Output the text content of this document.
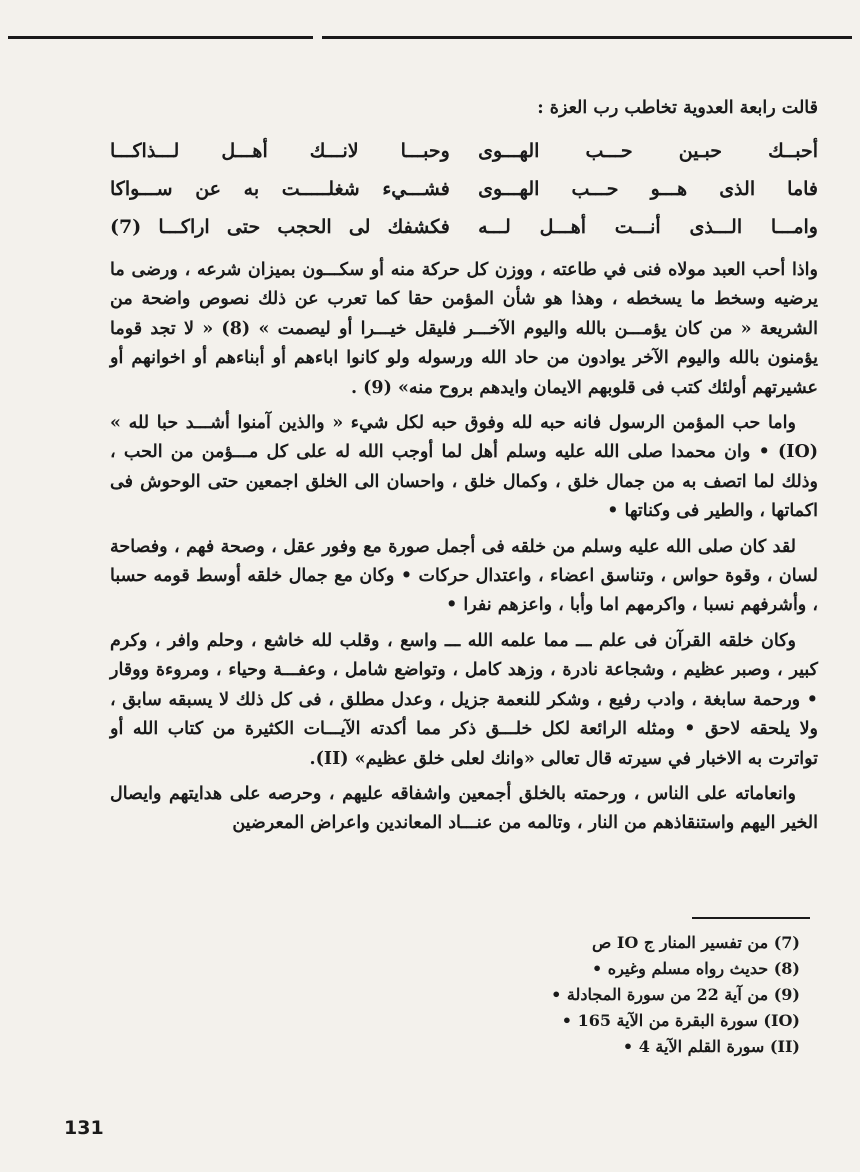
قالت رابعة العدوية تخاطب رب العزة :
أحبــك حبـين حـــب الهـــوى
وحبـــا لانـــك أهـــل لـــذاكـــا
فاما الذى هـــو حـــب الهـــوى
فشـــيء شغلـــــت به عن ســـواكا
وامـــا الـــذى أنـــت أهـــل لـــه
فكشفك لى الحجب حتى اراكـــا (7)

واذا أحب العبد مولاه فنى في طاعته ، ووزن كل حركة منه أو سكـــون بميزان شرعه ، ورضى ما يرضيه وسخط ما يسخطه ، وهذا هو شأن المؤمن حقا كما تعرب عن ذلك نصوص واضحة من الشريعة « من كان يؤمـــن بالله واليوم الآخـــر فليقل خيـــرا أو ليصمت » (8) « لا تجد قوما يؤمنون بالله واليوم الآخر يوادون من حاد الله ورسوله ولو كانوا اباءهم أو أبناءهم أو اخوانهم أو عشيرتهم أولئك كتب فى قلوبهم الايمان وايدهم بروح منه» (9) .

واما حب المؤمن الرسول فانه حبه لله وفوق حبه لكل شيء « والذين آمنوا أشـــد حبا لله » (IO) • وان محمدا صلى الله عليه وسلم أهل لما أوجب الله له على كل مـــؤمن من الحب ، وذلك لما اتصف به من جمال خلق ، وكمال خلق ، واحسان الى الخلق اجمعين حتى الوحوش فى اكماتها ، والطير فى وكناتها •

لقد كان صلى الله عليه وسلم من خلقه فى أجمل صورة مع وفور عقل ، وصحة فهم ، وفصاحة لسان ، وقوة حواس ، وتناسق اعضاء ، واعتدال حركات • وكان مع جمال خلقه أوسط قومه حسبا ، وأشرفهم نسبا ، واكرمهم اما وأبا ، واعزهم نفرا •

وكان خلقه القرآن فى علم ـــ مما علمه الله ـــ واسع ، وقلب لله خاشع ، وحلم وافر ، وكرم كبير ، وصبر عظيم ، وشجاعة نادرة ، وزهد كامل ، وتواضع شامل ، وعفـــة وحياء ، ومروءة ووقار • ورحمة سابغة ، وادب رفيع ، وشكر للنعمة جزيل ، وعدل مطلق ، فى كل ذلك لا يسبقه سابق ، ولا يلحقه لاحق • ومثله الرائعة لكل خلـــق ذكر مما أكدته الآيـــات الكثيرة من كتاب الله أو تواترت به الاخبار في سيرته قال تعالى «وانك لعلى خلق عظيم» (II).

وانعاماته على الناس ، ورحمته بالخلق أجمعين واشفاقه عليهم ، وحرصه على هدايتهم وايصال الخير اليهم واستنقاذهم من النار ، وتالمه من عنـــاد المعاندين واعراض المعرضين

(7) من تفسير المنار ج IO ص
(8) حديث رواه مسلم وغيره •
(9) من آية 22 من سورة المجادلة •
(IO) سورة البقرة من الآية 165 •
(II) سورة القلم الآية 4 •
131
